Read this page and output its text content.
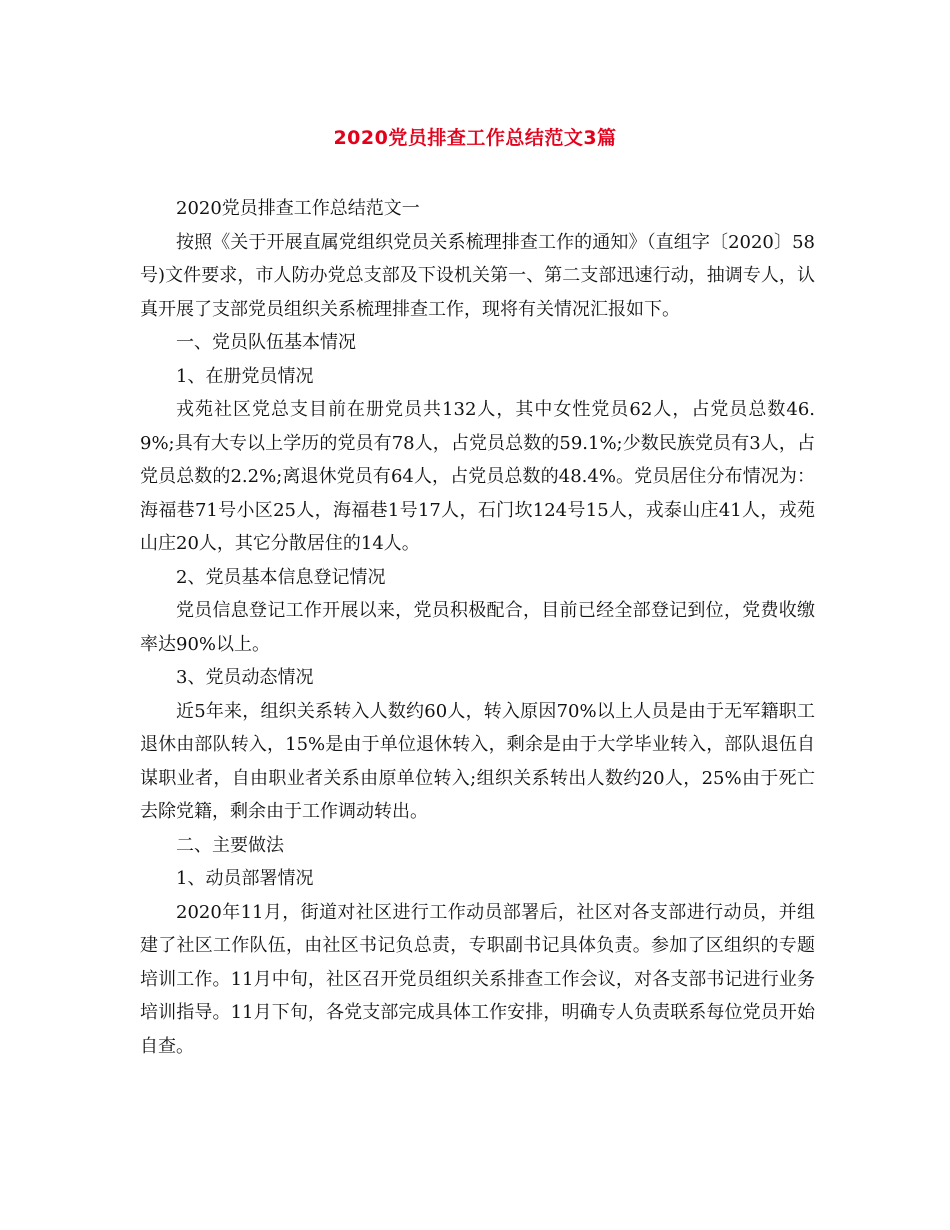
2020党员排查工作总结范文3篇

2020党员排查工作总结范文一

按照《关于开展直属党组织党员关系梳理排查工作的通知》（直组字〔2020〕58号)文件要求，市人防办党总支部及下设机关第一、第二支部迅速行动，抽调专人，认真开展了支部党员组织关系梳理排查工作，现将有关情况汇报如下。

一、党员队伍基本情况

1、在册党员情况

戎苑社区党总支目前在册党员共132人，其中女性党员62人，占党员总数46.9%;具有大专以上学历的党员有78人，占党员总数的59.1%;少数民族党员有3人，占党员总数的2.2%;离退休党员有64人，占党员总数的48.4%。党员居住分布情况为：海福巷71号小区25人，海福巷1号17人，石门坎124号15人，戎泰山庄41人，戎苑山庄20人，其它分散居住的14人。

2、党员基本信息登记情况

党员信息登记工作开展以来，党员积极配合，目前已经全部登记到位，党费收缴率达90%以上。

3、党员动态情况

近5年来，组织关系转入人数约60人，转入原因70%以上人员是由于无军籍职工退休由部队转入，15%是由于单位退休转入，剩余是由于大学毕业转入，部队退伍自谋职业者，自由职业者关系由原单位转入;组织关系转出人数约20人，25%由于死亡去除党籍，剩余由于工作调动转出。

二、主要做法

1、动员部署情况

2020年11月，街道对社区进行工作动员部署后，社区对各支部进行动员，并组建了社区工作队伍，由社区书记负总责，专职副书记具体负责。参加了区组织的专题培训工作。11月中旬，社区召开党员组织关系排查工作会议，对各支部书记进行业务培训指导。11月下旬，各党支部完成具体工作安排，明确专人负责联系每位党员开始自查。
